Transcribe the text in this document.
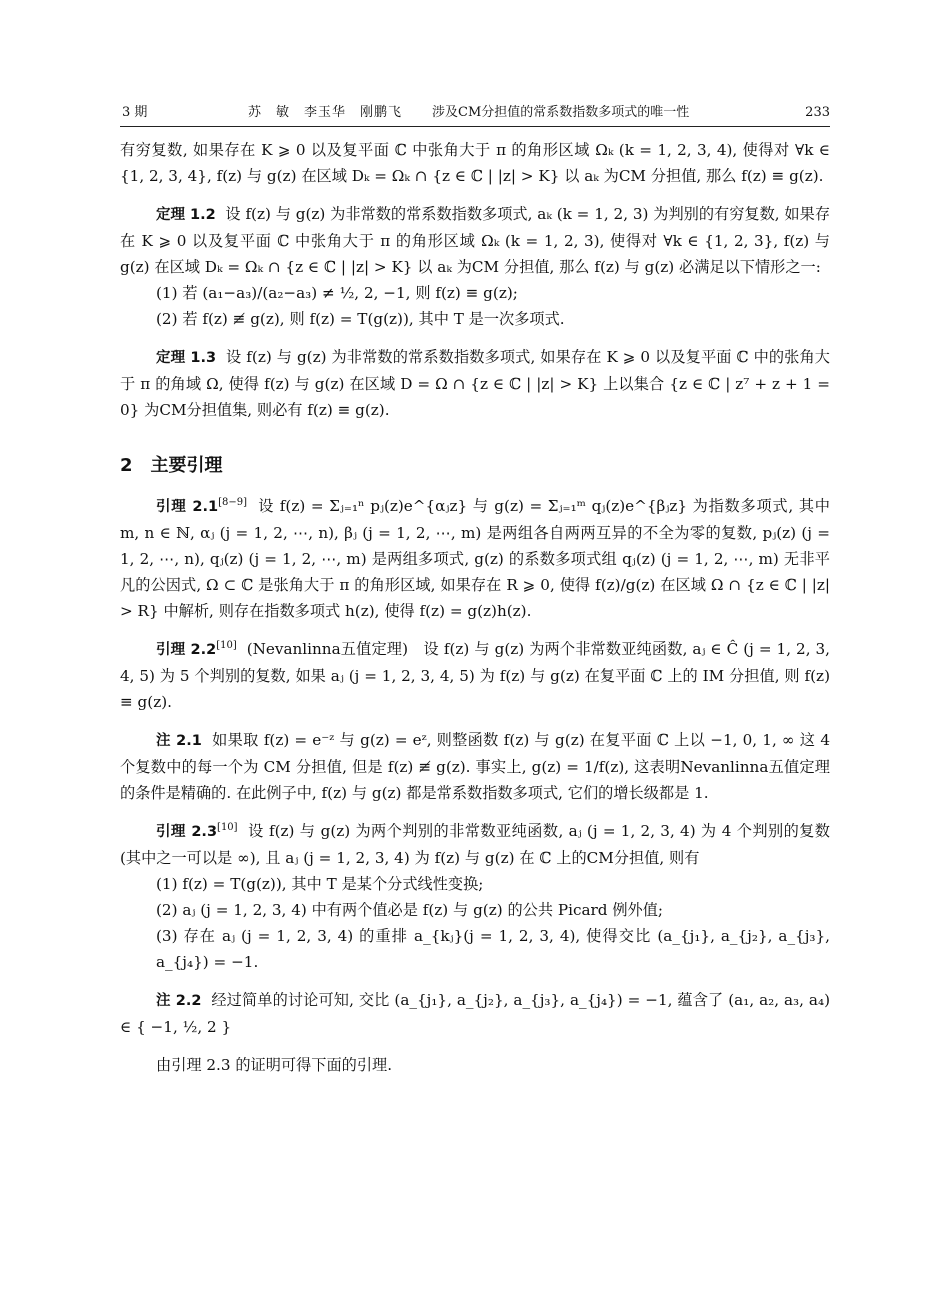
3 期	苏　敏　李玉华　刚鹏飞 涉及CM分担值的常系数指数多项式的唯一性	233

有穷复数, 如果存在 K ⩾ 0 以及复平面 ℂ 中张角大于 π 的角形区域 Ωₖ (k = 1, 2, 3, 4), 使得对 ∀k ∈ {1, 2, 3, 4}, f(z) 与 g(z) 在区域 Dₖ = Ωₖ ∩ {z ∈ ℂ | |z| > K} 以 aₖ 为CM 分担值, 那么 f(z) ≡ g(z).

定理 1.2 设 f(z) 与 g(z) 为非常数的常系数指数多项式, aₖ (k = 1, 2, 3) 为判别的有穷复数, 如果存在 K ⩾ 0 以及复平面 ℂ 中张角大于 π 的角形区域 Ωₖ (k = 1, 2, 3), 使得对 ∀k ∈ {1, 2, 3}, f(z) 与 g(z) 在区域 Dₖ = Ωₖ ∩ {z ∈ ℂ | |z| > K} 以 aₖ 为CM 分担值, 那么 f(z) 与 g(z) 必满足以下情形之一:

(1) 若 (a₁−a₃)/(a₂−a₃) ≠ ½, 2, −1, 则 f(z) ≡ g(z);

(2) 若 f(z) ≢ g(z), 则 f(z) = T(g(z)), 其中 T 是一次多项式.

定理 1.3 设 f(z) 与 g(z) 为非常数的常系数指数多项式, 如果存在 K ⩾ 0 以及复平面 ℂ 中的张角大于 π 的角域 Ω, 使得 f(z) 与 g(z) 在区域 D = Ω ∩ {z ∈ ℂ | |z| > K} 上以集合 {z ∈ ℂ | z⁷ + z + 1 = 0} 为CM分担值集, 则必有 f(z) ≡ g(z).

2 主要引理

引理 2.1[8−9] 设 f(z) = Σⱼ₌₁ⁿ pⱼ(z)e^{αⱼz} 与 g(z) = Σⱼ₌₁ᵐ qⱼ(z)e^{βⱼz} 为指数多项式, 其中 m, n ∈ ℕ, αⱼ (j = 1, 2, ⋯, n), βⱼ (j = 1, 2, ⋯, m) 是两组各自两两互异的不全为零的复数, pⱼ(z) (j = 1, 2, ⋯, n), qⱼ(z) (j = 1, 2, ⋯, m) 是两组多项式, g(z) 的系数多项式组 qⱼ(z) (j = 1, 2, ⋯, m) 无非平凡的公因式, Ω ⊂ ℂ 是张角大于 π 的角形区域, 如果存在 R ⩾ 0, 使得 f(z)/g(z) 在区域 Ω ∩ {z ∈ ℂ | |z| > R} 中解析, 则存在指数多项式 h(z), 使得 f(z) = g(z)h(z).

引理 2.2[10] (Nevanlinna五值定理)　设 f(z) 与 g(z) 为两个非常数亚纯函数, aⱼ ∈ Ĉ (j = 1, 2, 3, 4, 5) 为 5 个判别的复数, 如果 aⱼ (j = 1, 2, 3, 4, 5) 为 f(z) 与 g(z) 在复平面 ℂ 上的 IM 分担值, 则 f(z) ≡ g(z).

注 2.1 如果取 f(z) = e⁻ᶻ 与 g(z) = eᶻ, 则整函数 f(z) 与 g(z) 在复平面 ℂ 上以 −1, 0, 1, ∞ 这 4 个复数中的每一个为 CM 分担值, 但是 f(z) ≢ g(z). 事实上, g(z) = 1/f(z), 这表明Nevanlinna五值定理的条件是精确的. 在此例子中, f(z) 与 g(z) 都是常系数指数多项式, 它们的增长级都是 1.

引理 2.3[10] 设 f(z) 与 g(z) 为两个判别的非常数亚纯函数, aⱼ (j = 1, 2, 3, 4) 为 4 个判别的复数 (其中之一可以是 ∞), 且 aⱼ (j = 1, 2, 3, 4) 为 f(z) 与 g(z) 在 ℂ 上的CM分担值, 则有

(1) f(z) = T(g(z)), 其中 T 是某个分式线性变换;

(2) aⱼ (j = 1, 2, 3, 4) 中有两个值必是 f(z) 与 g(z) 的公共 Picard 例外值;

(3) 存在 aⱼ (j = 1, 2, 3, 4) 的重排 a_{kⱼ}(j = 1, 2, 3, 4), 使得交比 (a_{j₁}, a_{j₂}, a_{j₃}, a_{j₄}) = −1.

注 2.2 经过简单的讨论可知, 交比 (a_{j₁}, a_{j₂}, a_{j₃}, a_{j₄}) = −1, 蕴含了 (a₁, a₂, a₃, a₄) ∈ { −1, ½, 2 }

由引理 2.3 的证明可得下面的引理.
